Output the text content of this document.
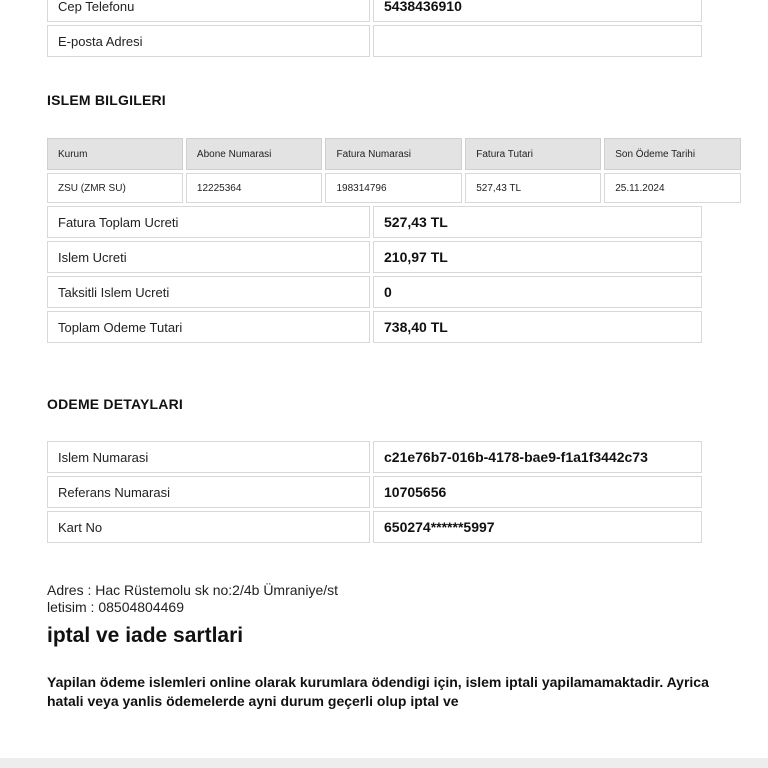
Cep Telefonu	5438436910
E-posta Adresi	
ISLEM BILGILERI
Kurum	Abone Numarasi	Fatura Numarasi	Fatura Tutari	Son Ödeme Tarihi
ZSU (ZMR SU)	12225364	198314796	527,43 TL	25.11.2024
Fatura Toplam Ucreti	527,43 TL
Islem Ucreti	210,97 TL
Taksitli Islem Ucreti	0
Toplam Odeme Tutari	738,40 TL
ODEME DETAYLARI
Islem Numarasi	c21e76b7-016b-4178-bae9-f1a1f3442c73
Referans Numarasi	10705656
Kart No	650274******5997
Adres : Hac Rüstemolu sk no:2/4b Ümraniye/st
letisim : 08504804469
iptal ve iade sartlari
Yapilan ödeme islemleri online olarak kurumlara ödendigi için, islem iptali yapilamamaktadir. Ayrica hatali veya yanlis ödemelerde ayni durum geçerli olup iptal ve
